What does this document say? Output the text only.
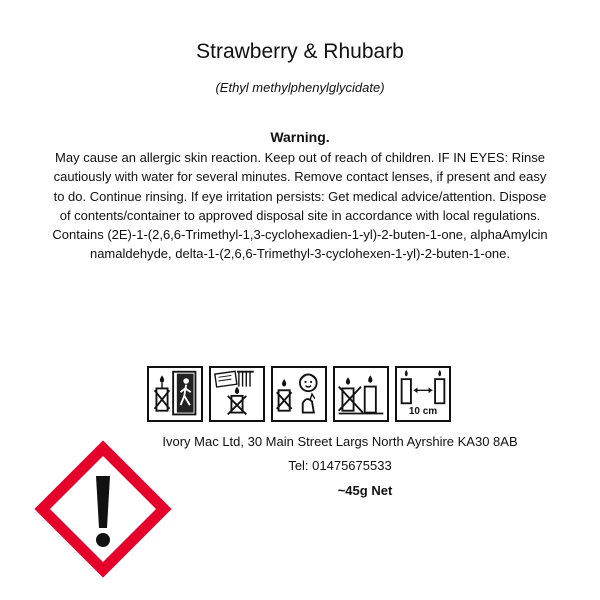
Strawberry & Rhubarb
(Ethyl methylphenylglycidate)
Warning.
May cause an allergic skin reaction. Keep out of reach of children. IF IN EYES: Rinse
cautiously with water for several minutes. Remove contact lenses, if present and easy
to do. Continue rinsing. If eye irritation persists: Get medical advice/attention. Dispose
of contents/container to approved disposal site in accordance with local regulations.
Contains (2E)-1-(2,6,6-Trimethyl-1,3-cyclohexadien-1-yl)-2-buten-1-one, alphaAmylcin
namaldehyde, delta-1-(2,6,6-Trimethyl-3-cyclohexen-1-yl)-2-buten-1-one.
10 cm
Ivory Mac Ltd, 30 Main Street Largs North Ayrshire KA30 8AB
Tel: 01475675533
~45g Net
